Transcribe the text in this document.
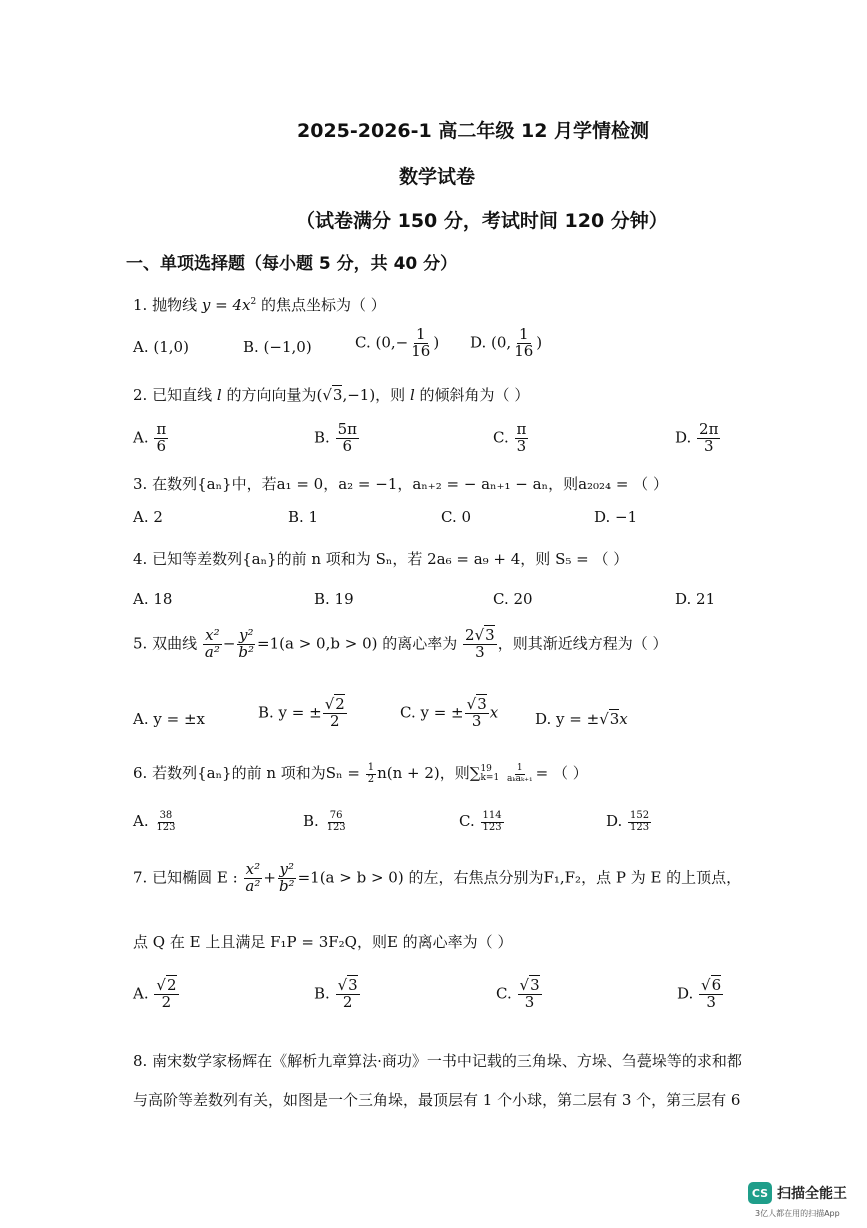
2025-2026-1 高二年级 12 月学情检测
数学试卷
（试卷满分 150 分，考试时间 120 分钟）
一、单项选择题（每小题 5 分，共 40 分）
1. 抛物线 $y = 4x^2$ 的焦点坐标为（ ）
A. (1,0)	B. (−1,0)	C. ($0,- \frac{1}{16}$ ) D. (0, $\frac{1}{16}$ )
2. 已知直线 l 的方向向量为(√3,−1)，则 l 的倾斜角为（ ）
A. $\frac{\pi}{6}$	B. $\frac{5\pi}{6}$	C. $\frac{\pi}{3}$	D. $\frac{2\pi}{3}$
3. 在数列{aₙ}中，若a₁ = 0，a₂ = −1，aₙ₊₂ = − aₙ₊₁ − aₙ，则a₂₀₂₄ = （ ）
A. 2	B. 1	C. 0	D. −1
4. 已知等差数列{aₙ}的前 n 项和为 Sₙ，若 2a₆ = a₉ + 4，则 S₅ = （ ）
A. 18	B. 19	C. 20	D. 21
5. 双曲线 $\frac{\text{x²}}{\text{a²}} - \frac{\text{y²}}{\text{b²}} =1(a > 0,b > 0)$ 的离心率为 $\frac{2√3}{3}$ ，则其渐近线方程为（ ）
A. y = ±x	B. y = ± $\frac{√2}{2}$	C. y = ± $\frac{√3}{3}$ x D. y = ±√3x
6. 若数列{aₙ}的前 n 项和为$S_n = \frac{1}{2} n(n + 2)$，则∑ 19
k=1
$\frac{1}{\text{aₖaₖ₊₁}}$ = （ ）
A. $\frac{38}{123}$	B. $\frac{76}{123}$	C. $\frac{114}{123}$	D. $\frac{152}{123}$
7. 已知椭圆 E : $\frac{\text{x²}}{\text{a²}} + \frac{\text{y²}}{\text{b²}} =1(a > b > 0)$ 的左，右焦点分别为F₁,F₂，点 P 为 E 的上顶点，
点 Q 在 E 上且满足 F₁P = 3F₂Q，则E 的离心率为（ ）
A. $\frac{√2}{2}$	B. $\frac{√3}{2}$	C. $\frac{√3}{3}$	D. $\frac{√6}{3}$
8. 南宋数学家杨辉在《解析九章算法·商功》一书中记载的三角垛、方垛、刍甍垛等的求和都
与高阶等差数列有关，如图是一个三角垛，最顶层有 1 个小球，第二层有 3 个，第三层有 6
CS 扫描全能王
3亿人都在用的扫描App
